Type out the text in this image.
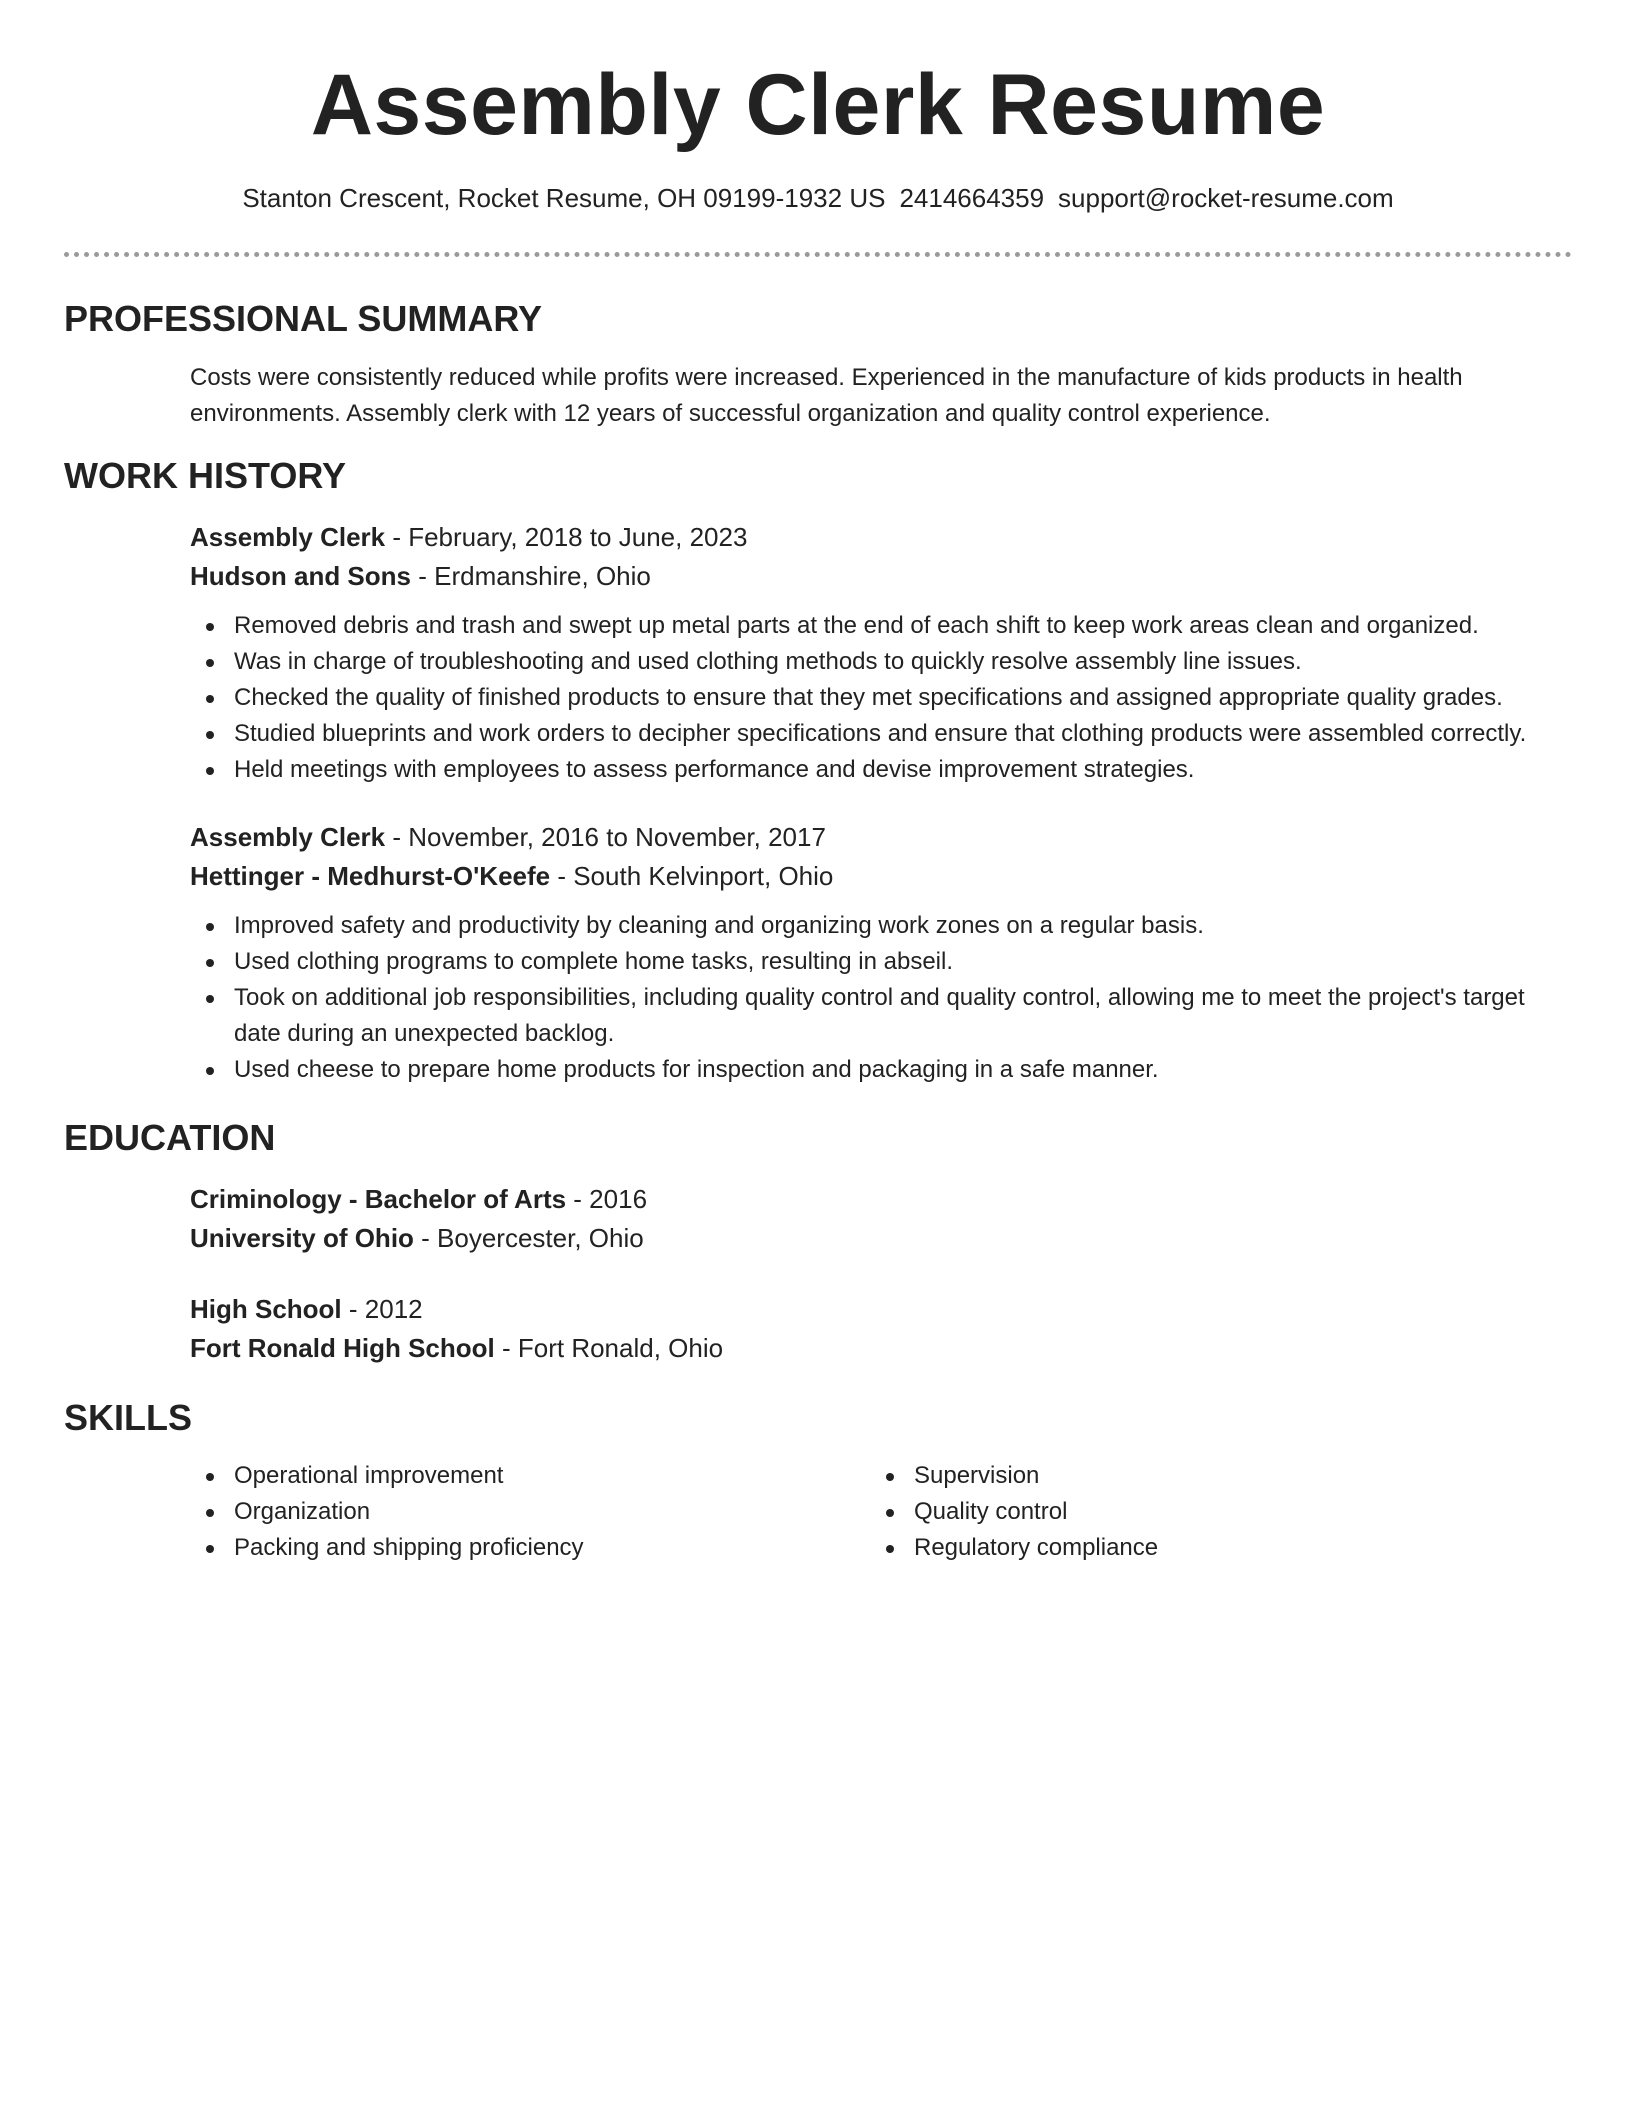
Assembly Clerk Resume
Stanton Crescent, Rocket Resume, OH 09199-1932 US 2414664359 support@rocket-resume.com
PROFESSIONAL SUMMARY

Costs were consistently reduced while profits were increased. Experienced in the manufacture of kids products in health environments. Assembly clerk with 12 years of successful organization and quality control experience.

WORK HISTORY
Assembly Clerk - February, 2018 to June, 2023
Hudson and Sons - Erdmanshire, Ohio
Removed debris and trash and swept up metal parts at the end of each shift to keep work areas clean and organized.
Was in charge of troubleshooting and used clothing methods to quickly resolve assembly line issues.
Checked the quality of finished products to ensure that they met specifications and assigned appropriate quality grades.
Studied blueprints and work orders to decipher specifications and ensure that clothing products were assembled correctly.
Held meetings with employees to assess performance and devise improvement strategies.
Assembly Clerk - November, 2016 to November, 2017
Hettinger - Medhurst-O'Keefe - South Kelvinport, Ohio
Improved safety and productivity by cleaning and organizing work zones on a regular basis.
Used clothing programs to complete home tasks, resulting in abseil.
Took on additional job responsibilities, including quality control and quality control, allowing me to meet the project's target date during an unexpected backlog.
Used cheese to prepare home products for inspection and packaging in a safe manner.
EDUCATION
Criminology - Bachelor of Arts - 2016
University of Ohio - Boyercester, Ohio
High School - 2012
Fort Ronald High School - Fort Ronald, Ohio
SKILLS
Operational improvement
Organization
Packing and shipping proficiency
Supervision
Quality control
Regulatory compliance
